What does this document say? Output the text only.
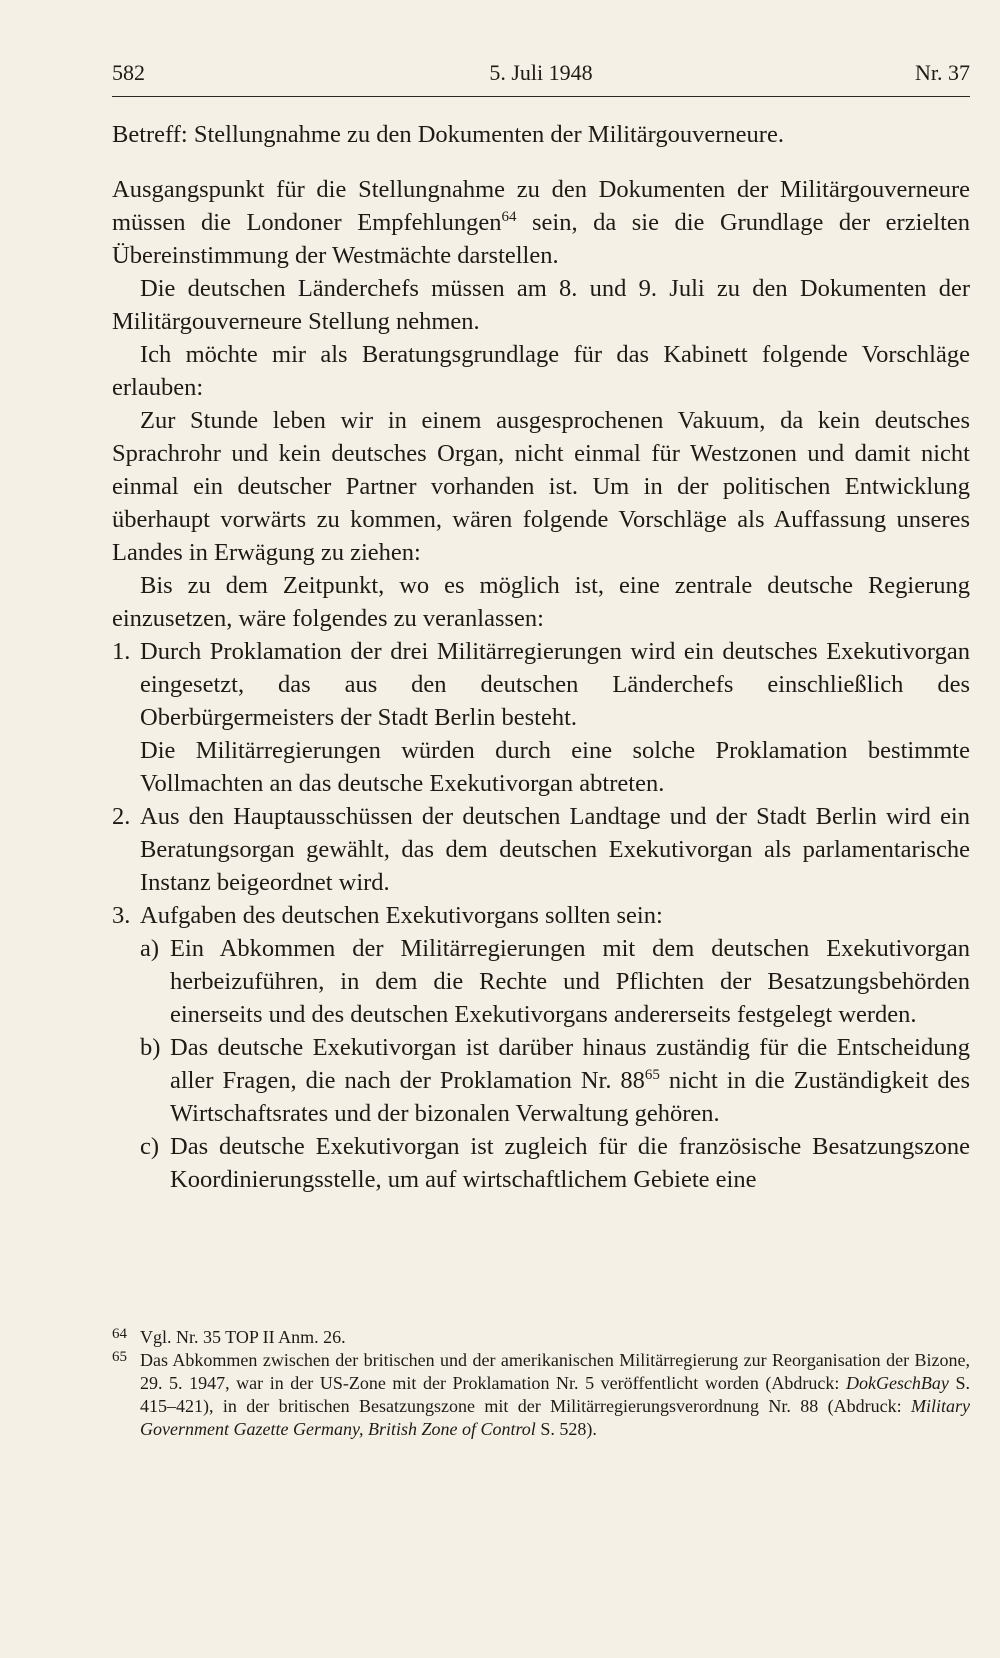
582	5. Juli 1948	Nr. 37

Betreff: Stellungnahme zu den Dokumenten der Militärgouverneure.

Ausgangspunkt für die Stellungnahme zu den Dokumenten der Militärgouverneure müssen die Londoner Empfehlungen$^{64}$ sein, da sie die Grundlage der erzielten Übereinstimmung der Westmächte darstellen.

Die deutschen Länderchefs müssen am 8. und 9. Juli zu den Dokumenten der Militärgouverneure Stellung nehmen.

Ich möchte mir als Beratungsgrundlage für das Kabinett folgende Vorschläge erlauben:

Zur Stunde leben wir in einem ausgesprochenen Vakuum, da kein deutsches Sprachrohr und kein deutsches Organ, nicht einmal für Westzonen und damit nicht einmal ein deutscher Partner vorhanden ist. Um in der politischen Entwicklung überhaupt vorwärts zu kommen, wären folgende Vorschläge als Auffassung unseres Landes in Erwägung zu ziehen:

Bis zu dem Zeitpunkt, wo es möglich ist, eine zentrale deutsche Regierung einzusetzen, wäre folgendes zu veranlassen:

1. Durch Proklamation der drei Militärregierungen wird ein deutsches Exekutivorgan eingesetzt, das aus den deutschen Länderchefs einschließlich des Oberbürgermeisters der Stadt Berlin besteht.

Die Militärregierungen würden durch eine solche Proklamation bestimmte Vollmachten an das deutsche Exekutivorgan abtreten.

2. Aus den Hauptausschüssen der deutschen Landtage und der Stadt Berlin wird ein Beratungsorgan gewählt, das dem deutschen Exekutivorgan als parlamentarische Instanz beigeordnet wird.

3. Aufgaben des deutschen Exekutivorgans sollten sein:

a) Ein Abkommen der Militärregierungen mit dem deutschen Exekutivorgan herbeizuführen, in dem die Rechte und Pflichten der Besatzungsbehörden einerseits und des deutschen Exekutivorgans andererseits festgelegt werden.

b) Das deutsche Exekutivorgan ist darüber hinaus zuständig für die Entscheidung aller Fragen, die nach der Proklamation Nr. $88^{65}$ nicht in die Zuständigkeit des Wirtschaftsrates und der bizonalen Verwaltung gehören.

c) Das deutsche Exekutivorgan ist zugleich für die französische Besatzungszone Koordinierungsstelle, um auf wirtschaftlichem Gebiete eine

64 Vgl. Nr. 35 TOP II Anm. 26.
65 Das Abkommen zwischen der britischen und der amerikanischen Militärregierung zur Reorganisation der Bizone, 29. 5. 1947, war in der US-Zone mit der Proklamation Nr. 5 veröffentlicht worden (Abdruck: DokGeschBay S. 415–421), in der britischen Besatzungszone mit der Militärregierungsverordnung Nr. 88 (Abdruck: Military Government Gazette Germany, British Zone of Control S. 528).
